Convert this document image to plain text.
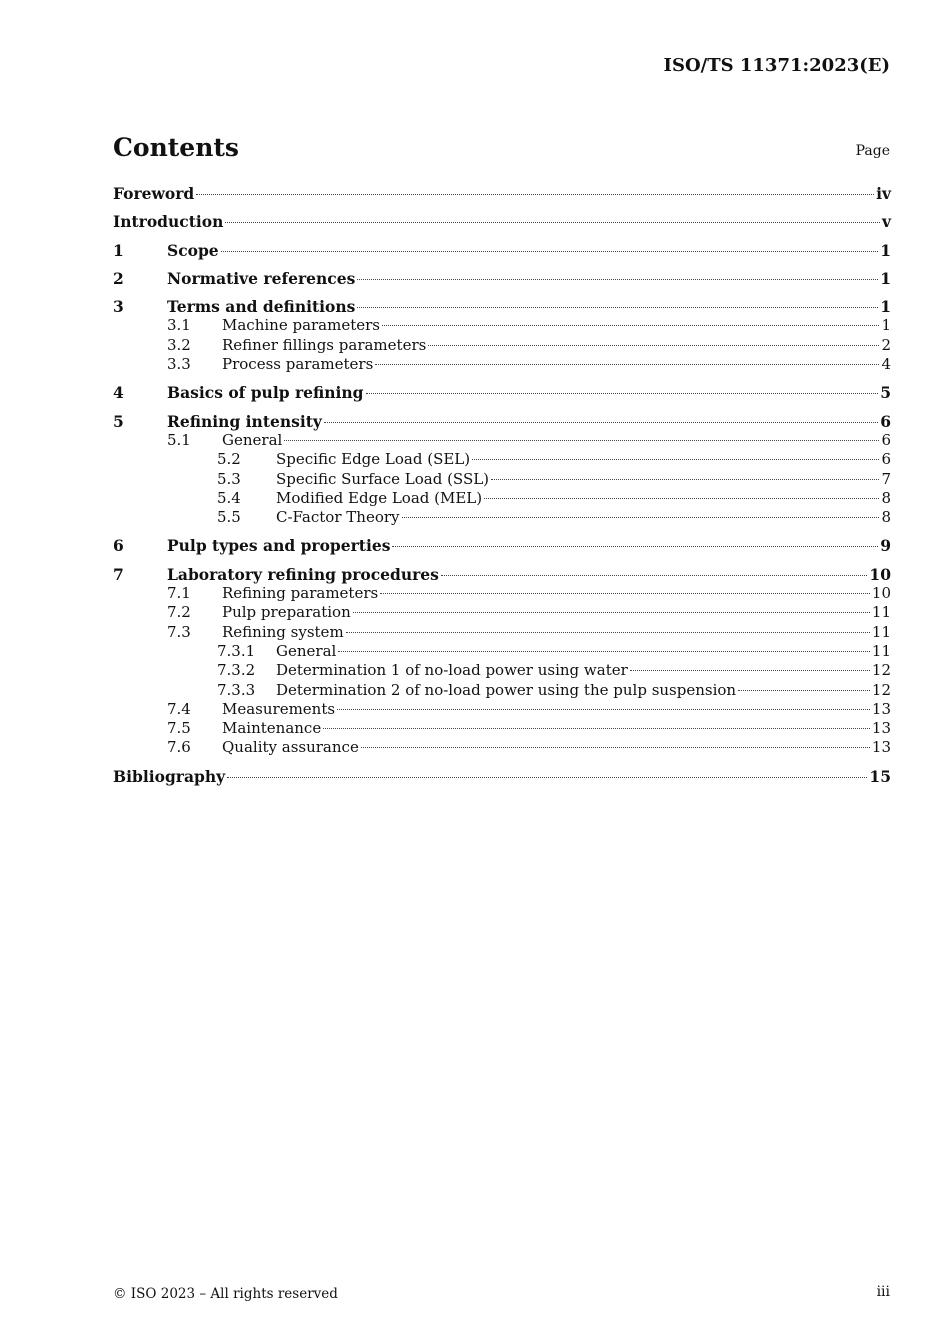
ISO/TS 11371:2023(E)
Contents	Page
Foreword	iv
Introduction	v
1	Scope	1
2	Normative references	1
3	Terms and definitions	1
3.1	Machine parameters	1
3.2	Refiner fillings parameters	2
3.3	Process parameters	4
4	Basics of pulp refining	5
5	Refining intensity	6
5.1	General	6
5.2	Specific Edge Load (SEL)	6
5.3	Specific Surface Load (SSL)	7
5.4	Modified Edge Load (MEL)	8
5.5	C-Factor Theory	8
6	Pulp types and properties	9
7	Laboratory refining procedures	10
7.1	Refining parameters	10
7.2	Pulp preparation	11
7.3	Refining system	11
7.3.1	General	11
7.3.2	Determination 1 of no-load power using water	12
7.3.3	Determination 2 of no-load power using the pulp suspension	12
7.4	Measurements	13
7.5	Maintenance	13
7.6	Quality assurance	13
Bibliography	15
© ISO 2023 – All rights reserved	iii
